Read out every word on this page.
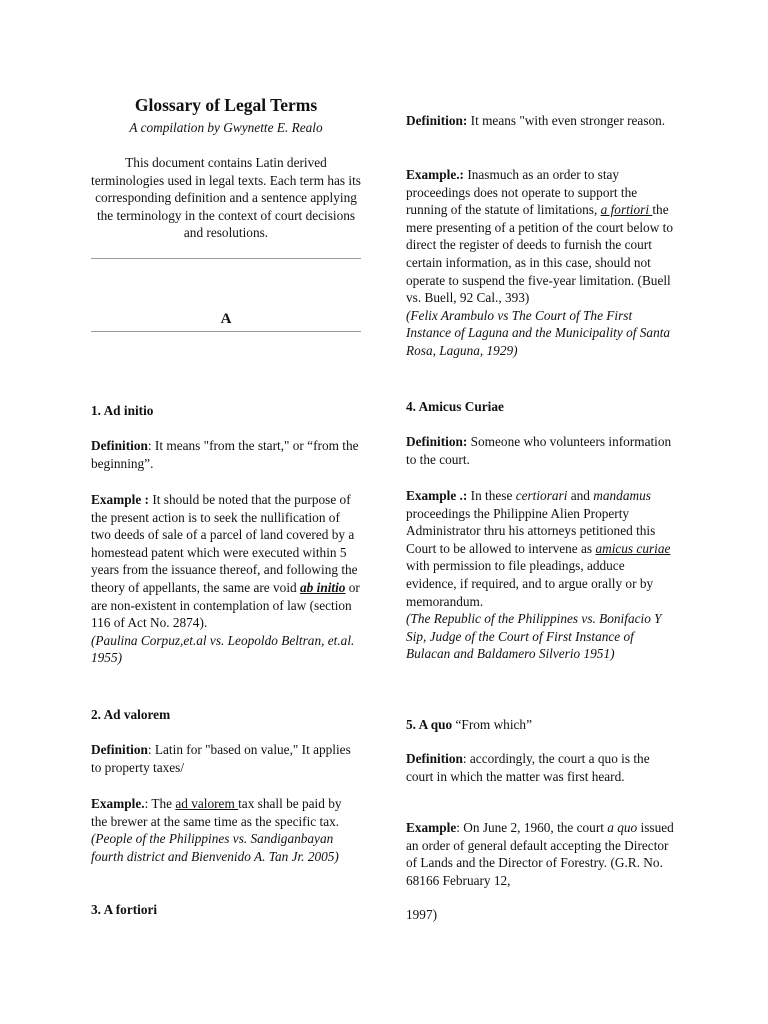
Glossary of Legal Terms
A compilation by Gwynette E. Realo
This document contains Latin derived terminologies used in legal texts. Each term has its corresponding definition and a sentence applying the terminology in the context of court decisions and resolutions.
A
1. Ad initio

Definition: It means "from the start," or “from the beginning”.

Example : It should be noted that the purpose of the present action is to seek the nullification of two deeds of sale of a parcel of land covered by a homestead patent which were executed within 5 years from the issuance thereof, and following the theory of appellants, the same are void ab initio or are non-existent in contemplation of law (section 116 of Act No. 2874).
(Paulina Corpuz,et.al vs. Leopoldo Beltran, et.al. 1955)

2. Ad valorem

Definition: Latin for "based on value," It applies to property taxes/

Example.: The ad valorem tax shall be paid by the brewer at the same time as the specific tax.
(People of the Philippines vs. Sandiganbayan fourth district and Bienvenido A. Tan Jr. 2005)

3. A fortiori

Definition: It means "with even stronger reason.

Example.: Inasmuch as an order to stay proceedings does not operate to support the running of the statute of limitations, a fortiori the mere presenting of a petition of the court below to direct the register of deeds to furnish the court certain information, as in this case, should not operate to suspend the five-year limitation. (Buell vs. Buell, 92 Cal., 393)
(Felix Arambulo vs The Court of The First Instance of Laguna and the Municipality of Santa Rosa, Laguna, 1929)

4. Amicus Curiae

Definition: Someone who volunteers information to the court.

Example .: In these certiorari and mandamus proceedings the Philippine Alien Property Administrator thru his attorneys petitioned this Court to be allowed to intervene as amicus curiae with permission to file pleadings, adduce evidence, if required, and to argue orally or by memorandum.
(The Republic of the Philippines vs. Bonifacio Y Sip, Judge of the Court of First Instance of Bulacan and Baldamero Silverio 1951)

5. A quo “From which”

Definition: accordingly, the court a quo is the court in which the matter was first heard.

Example: On June 2, 1960, the court a quo issued an order of general default accepting the Director of Lands and the Director of Forestry. (G.R. No. 68166 February 12,

1997)
